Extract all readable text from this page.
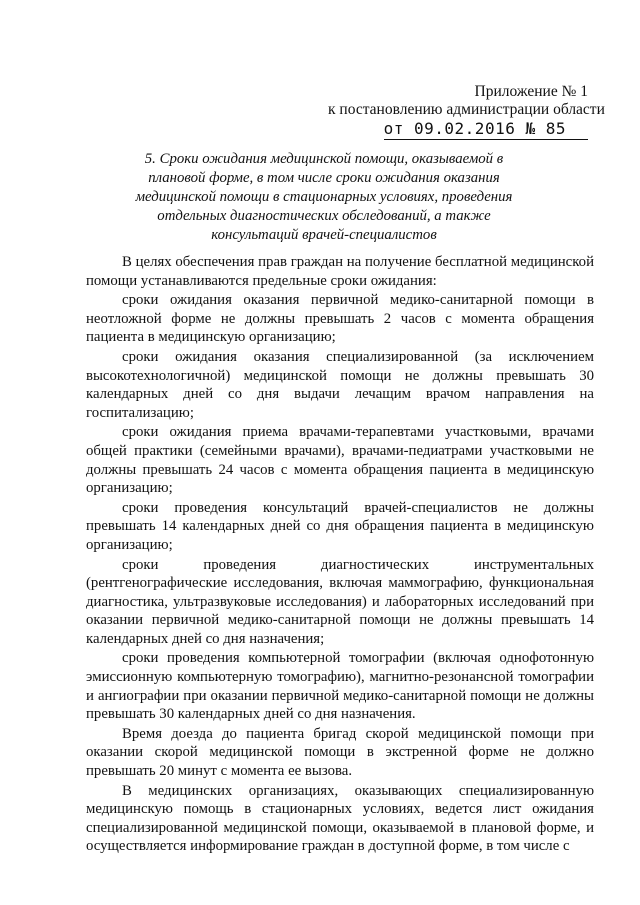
Приложение № 1
к постановлению администрации области
от 09.02.2016 № 85
5. Сроки ожидания медицинской помощи, оказываемой в плановой форме, в том числе сроки ожидания оказания медицинской помощи в стационарных условиях, проведения отдельных диагностических обследований, а также консультаций врачей-специалистов

В целях обеспечения прав граждан на получение бесплатной медицинской помощи устанавливаются предельные сроки ожидания:

сроки ожидания оказания первичной медико-санитарной помощи в неотложной форме не должны превышать 2 часов с момента обращения пациента в медицинскую организацию;

сроки ожидания оказания специализированной (за исключением высокотехнологичной) медицинской помощи не должны превышать 30 календарных дней со дня выдачи лечащим врачом направления на госпитализацию;

сроки ожидания приема врачами-терапевтами участковыми, врачами общей практики (семейными врачами), врачами-педиатрами участковыми не должны превышать 24 часов с момента обращения пациента в медицинскую организацию;

сроки проведения консультаций врачей-специалистов не должны превышать 14 календарных дней со дня обращения пациента в медицинскую организацию;

сроки проведения диагностических инструментальных (рентгенографические исследования, включая маммографию, функциональная диагностика, ультразвуковые исследования) и лабораторных исследований при оказании первичной медико-санитарной помощи не должны превышать 14 календарных дней со дня назначения;

сроки проведения компьютерной томографии (включая однофотонную эмиссионную компьютерную томографию), магнитно-резонансной томографии и ангиографии при оказании первичной медико-санитарной помощи не должны превышать 30 календарных дней со дня назначения.

Время доезда до пациента бригад скорой медицинской помощи при оказании скорой медицинской помощи в экстренной форме не должно превышать 20 минут с момента ее вызова.

В медицинских организациях, оказывающих специализированную медицинскую помощь в стационарных условиях, ведется лист ожидания специализированной медицинской помощи, оказываемой в плановой форме, и осуществляется информирование граждан в доступной форме, в том числе с
